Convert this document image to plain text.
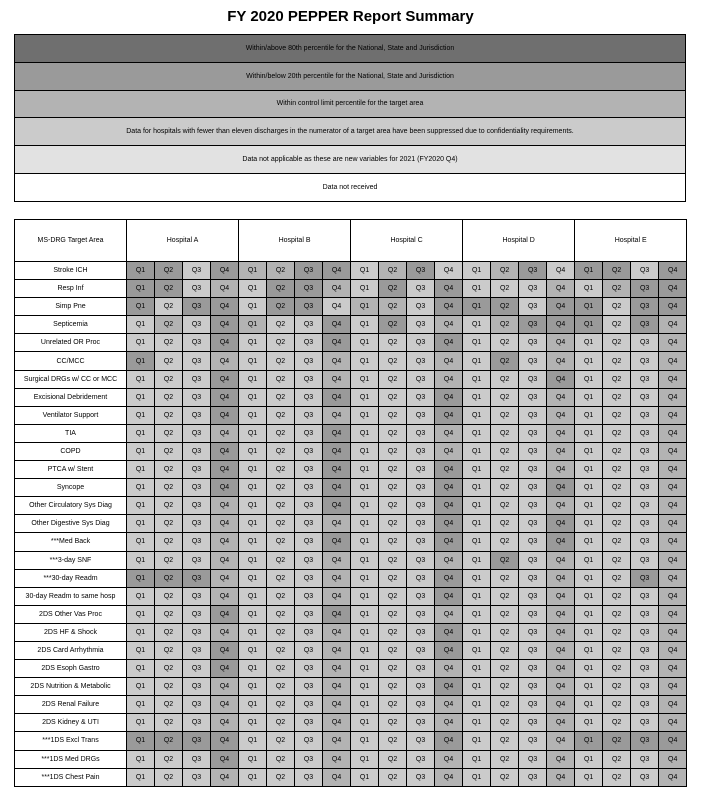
FY 2020 PEPPER Report Summary
Within/above 80th percentile for the National, State and Jurisdiction
Within/below 20th percentile for the National, State and Jurisdiction
Within control limit percentile for the target area
Data for hospitals with fewer than eleven discharges in the numerator of a target area have been suppressed due to confidentiality requirements.
Data not applicable as these are new variables for 2021 (FY2020 Q4)
Data not received
MS-DRG Target Area	Hospital A				Hospital B				Hospital C				Hospital D				Hospital E			
Stroke ICH	Q1	Q2	Q3	Q4	Q1	Q2	Q3	Q4	Q1	Q2	Q3	Q4	Q1	Q2	Q3	Q4	Q1	Q2	Q3	Q4
Resp Inf	Q1	Q2	Q3	Q4	Q1	Q2	Q3	Q4	Q1	Q2	Q3	Q4	Q1	Q2	Q3	Q4	Q1	Q2	Q3	Q4
Simp Pne	Q1	Q2	Q3	Q4	Q1	Q2	Q3	Q4	Q1	Q2	Q3	Q4	Q1	Q2	Q3	Q4	Q1	Q2	Q3	Q4
Septicemia	Q1	Q2	Q3	Q4	Q1	Q2	Q3	Q4	Q1	Q2	Q3	Q4	Q1	Q2	Q3	Q4	Q1	Q2	Q3	Q4
Unrelated OR Proc	Q1	Q2	Q3	Q4	Q1	Q2	Q3	Q4	Q1	Q2	Q3	Q4	Q1	Q2	Q3	Q4	Q1	Q2	Q3	Q4
CC/MCC	Q1	Q2	Q3	Q4	Q1	Q2	Q3	Q4	Q1	Q2	Q3	Q4	Q1	Q2	Q3	Q4	Q1	Q2	Q3	Q4
Surgical DRGs w/ CC or MCC	Q1	Q2	Q3	Q4	Q1	Q2	Q3	Q4	Q1	Q2	Q3	Q4	Q1	Q2	Q3	Q4	Q1	Q2	Q3	Q4
Excisional Debridement	Q1	Q2	Q3	Q4	Q1	Q2	Q3	Q4	Q1	Q2	Q3	Q4	Q1	Q2	Q3	Q4	Q1	Q2	Q3	Q4
Ventilator Support	Q1	Q2	Q3	Q4	Q1	Q2	Q3	Q4	Q1	Q2	Q3	Q4	Q1	Q2	Q3	Q4	Q1	Q2	Q3	Q4
TIA	Q1	Q2	Q3	Q4	Q1	Q2	Q3	Q4	Q1	Q2	Q3	Q4	Q1	Q2	Q3	Q4	Q1	Q2	Q3	Q4
COPD	Q1	Q2	Q3	Q4	Q1	Q2	Q3	Q4	Q1	Q2	Q3	Q4	Q1	Q2	Q3	Q4	Q1	Q2	Q3	Q4
PTCA w/ Stent	Q1	Q2	Q3	Q4	Q1	Q2	Q3	Q4	Q1	Q2	Q3	Q4	Q1	Q2	Q3	Q4	Q1	Q2	Q3	Q4
Syncope	Q1	Q2	Q3	Q4	Q1	Q2	Q3	Q4	Q1	Q2	Q3	Q4	Q1	Q2	Q3	Q4	Q1	Q2	Q3	Q4
Other Circulatory Sys Diag	Q1	Q2	Q3	Q4	Q1	Q2	Q3	Q4	Q1	Q2	Q3	Q4	Q1	Q2	Q3	Q4	Q1	Q2	Q3	Q4
Other Digestive Sys Diag	Q1	Q2	Q3	Q4	Q1	Q2	Q3	Q4	Q1	Q2	Q3	Q4	Q1	Q2	Q3	Q4	Q1	Q2	Q3	Q4
***Med Back	Q1	Q2	Q3	Q4	Q1	Q2	Q3	Q4	Q1	Q2	Q3	Q4	Q1	Q2	Q3	Q4	Q1	Q2	Q3	Q4
***3-day SNF	Q1	Q2	Q3	Q4	Q1	Q2	Q3	Q4	Q1	Q2	Q3	Q4	Q1	Q2	Q3	Q4	Q1	Q2	Q3	Q4
***30-day Readm	Q1	Q2	Q3	Q4	Q1	Q2	Q3	Q4	Q1	Q2	Q3	Q4	Q1	Q2	Q3	Q4	Q1	Q2	Q3	Q4
30-day Readm to same hosp	Q1	Q2	Q3	Q4	Q1	Q2	Q3	Q4	Q1	Q2	Q3	Q4	Q1	Q2	Q3	Q4	Q1	Q2	Q3	Q4
2DS Other Vas Proc	Q1	Q2	Q3	Q4	Q1	Q2	Q3	Q4	Q1	Q2	Q3	Q4	Q1	Q2	Q3	Q4	Q1	Q2	Q3	Q4
2DS HF & Shock	Q1	Q2	Q3	Q4	Q1	Q2	Q3	Q4	Q1	Q2	Q3	Q4	Q1	Q2	Q3	Q4	Q1	Q2	Q3	Q4
2DS Card Arrhythmia	Q1	Q2	Q3	Q4	Q1	Q2	Q3	Q4	Q1	Q2	Q3	Q4	Q1	Q2	Q3	Q4	Q1	Q2	Q3	Q4
2DS Esoph Gastro	Q1	Q2	Q3	Q4	Q1	Q2	Q3	Q4	Q1	Q2	Q3	Q4	Q1	Q2	Q3	Q4	Q1	Q2	Q3	Q4
2DS Nutrition & Metabolic	Q1	Q2	Q3	Q4	Q1	Q2	Q3	Q4	Q1	Q2	Q3	Q4	Q1	Q2	Q3	Q4	Q1	Q2	Q3	Q4
2DS Renal Failure	Q1	Q2	Q3	Q4	Q1	Q2	Q3	Q4	Q1	Q2	Q3	Q4	Q1	Q2	Q3	Q4	Q1	Q2	Q3	Q4
2DS Kidney & UTI	Q1	Q2	Q3	Q4	Q1	Q2	Q3	Q4	Q1	Q2	Q3	Q4	Q1	Q2	Q3	Q4	Q1	Q2	Q3	Q4
***1DS Excl Trans	Q1	Q2	Q3	Q4	Q1	Q2	Q3	Q4	Q1	Q2	Q3	Q4	Q1	Q2	Q3	Q4	Q1	Q2	Q3	Q4
***1DS Med DRGs	Q1	Q2	Q3	Q4	Q1	Q2	Q3	Q4	Q1	Q2	Q3	Q4	Q1	Q2	Q3	Q4	Q1	Q2	Q3	Q4
***1DS Chest Pain	Q1	Q2	Q3	Q4	Q1	Q2	Q3	Q4	Q1	Q2	Q3	Q4	Q1	Q2	Q3	Q4	Q1	Q2	Q3	Q4
